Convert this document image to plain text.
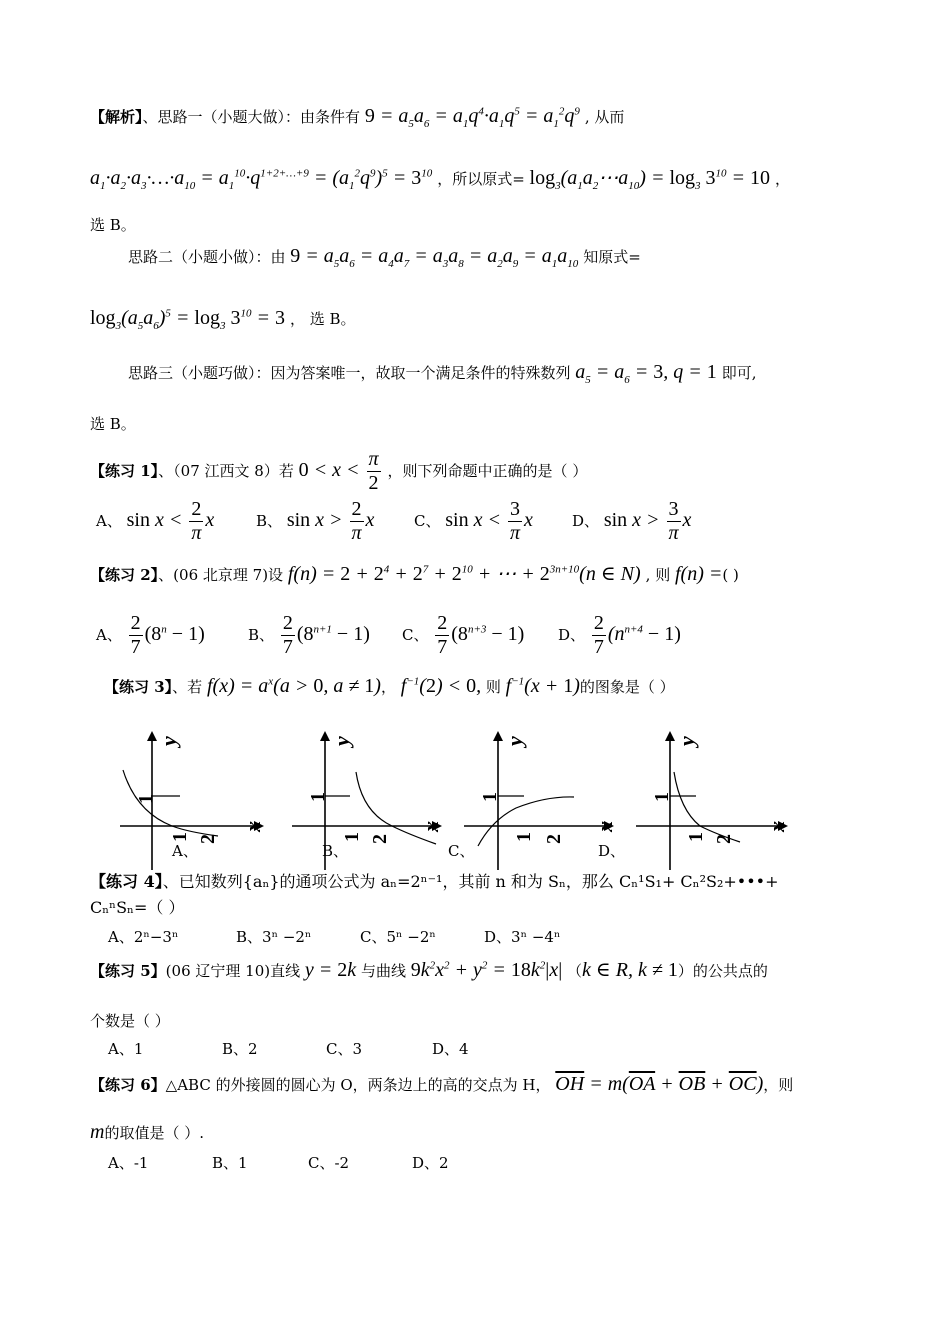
【解析】、思路一（小题大做）：由条件有 $9 = a_5a_6 = a_1q^4\cdot a_1q^5 = a_1^2q^9$ , 从而
$a_1\cdot a_2\cdot a_3\cdot\dots\cdot a_{10} = a_1^{10}\cdot q^{1+2+\dots+9} = (a_1^2q^9)^5 = 3^{10}$ ，所以原式= $\log_3(a_1a_2\cdots a_{10}) = \log_3 3^{10} = 10$ ，
选 B。
思路二（小题小做）：由 $9 = a_5a_6 = a_4a_7 = a_3a_8 = a_2a_9 = a_1a_{10}$ 知原式=
$\log_3(a_5a_6)^5 = \log_3 3^{10} = 3$ ， 选 B。
思路三（小题巧做）：因为答案唯一，故取一个满足条件的特殊数列 $a_5 = a_6 = 3$, q = 1 即可,
选 B。
【练习 1】、（07 江西文 8）若 $0 < x < \frac{\pi}{2}$ ，则下列命题中正确的是（ ）
A、 $\sin x < \frac{2}{\pi}$ x	B、 $\sin x > \frac{2}{\pi}$ x	C、 $\sin x < \frac{3}{\pi}$ x	D、 $\sin x > \frac{3}{\pi}$ x
【练习 2】、(06 北京理 7)设 $f(n) = 2 + 2^4 + 2^7 + 2^{10}$ + ⋯ + $2^{3n+10}(n$ ∈ N) , 则 f(n) =( )
A、 $\frac{2}{7} (8^n - 1)$	B、 $\frac{2}{7} (8^{n+1} - 1)$ C、 $\frac{2}{7} (8^{n+3} - 1)$ D、 $\frac{2}{7} (n^{n+4} - 1)$
【练习 3】、若 $f(x) = a^x(a > 0$, a ≠ 1)， $f^{-1}(2) < 0$, 则 $f^{-1}(x + 1)$的图象是（ ）
1
1 2
y
x
1
1 2
y
x
1
1 2
y
x
1
1 2
y
x
A、	B、	C、	D、
【练习 4】、已知数列{aₙ}的通项公式为 aₙ=2ⁿ⁻¹，其前 n 和为 Sₙ，那么 Cₙ¹S₁+ Cₙ²S₂+•••+
CₙⁿSₙ=（ ）
A、2ⁿ−3ⁿ	B、3ⁿ −2ⁿ	C、5ⁿ −2ⁿ	D、3ⁿ −4ⁿ
【练习 5】(06 辽宁理 10)直线 y = 2k 与曲线 $9k^2x^2 + y^2 = 18k^2|x|$ （k ∈ R, k ≠ 1）的公共点的
个数是（ ）
A、1	B、2	C、3	D、4
【练习 6】△ABC 的外接圆的圆心为 O，两条边上的高的交点为 H， $\overline{OH} = m(\overline{OA} + \overline{OB} + \overline{OC})$，则
m的取值是（ ）.
A、-1	B、1	C、-2	D、2
